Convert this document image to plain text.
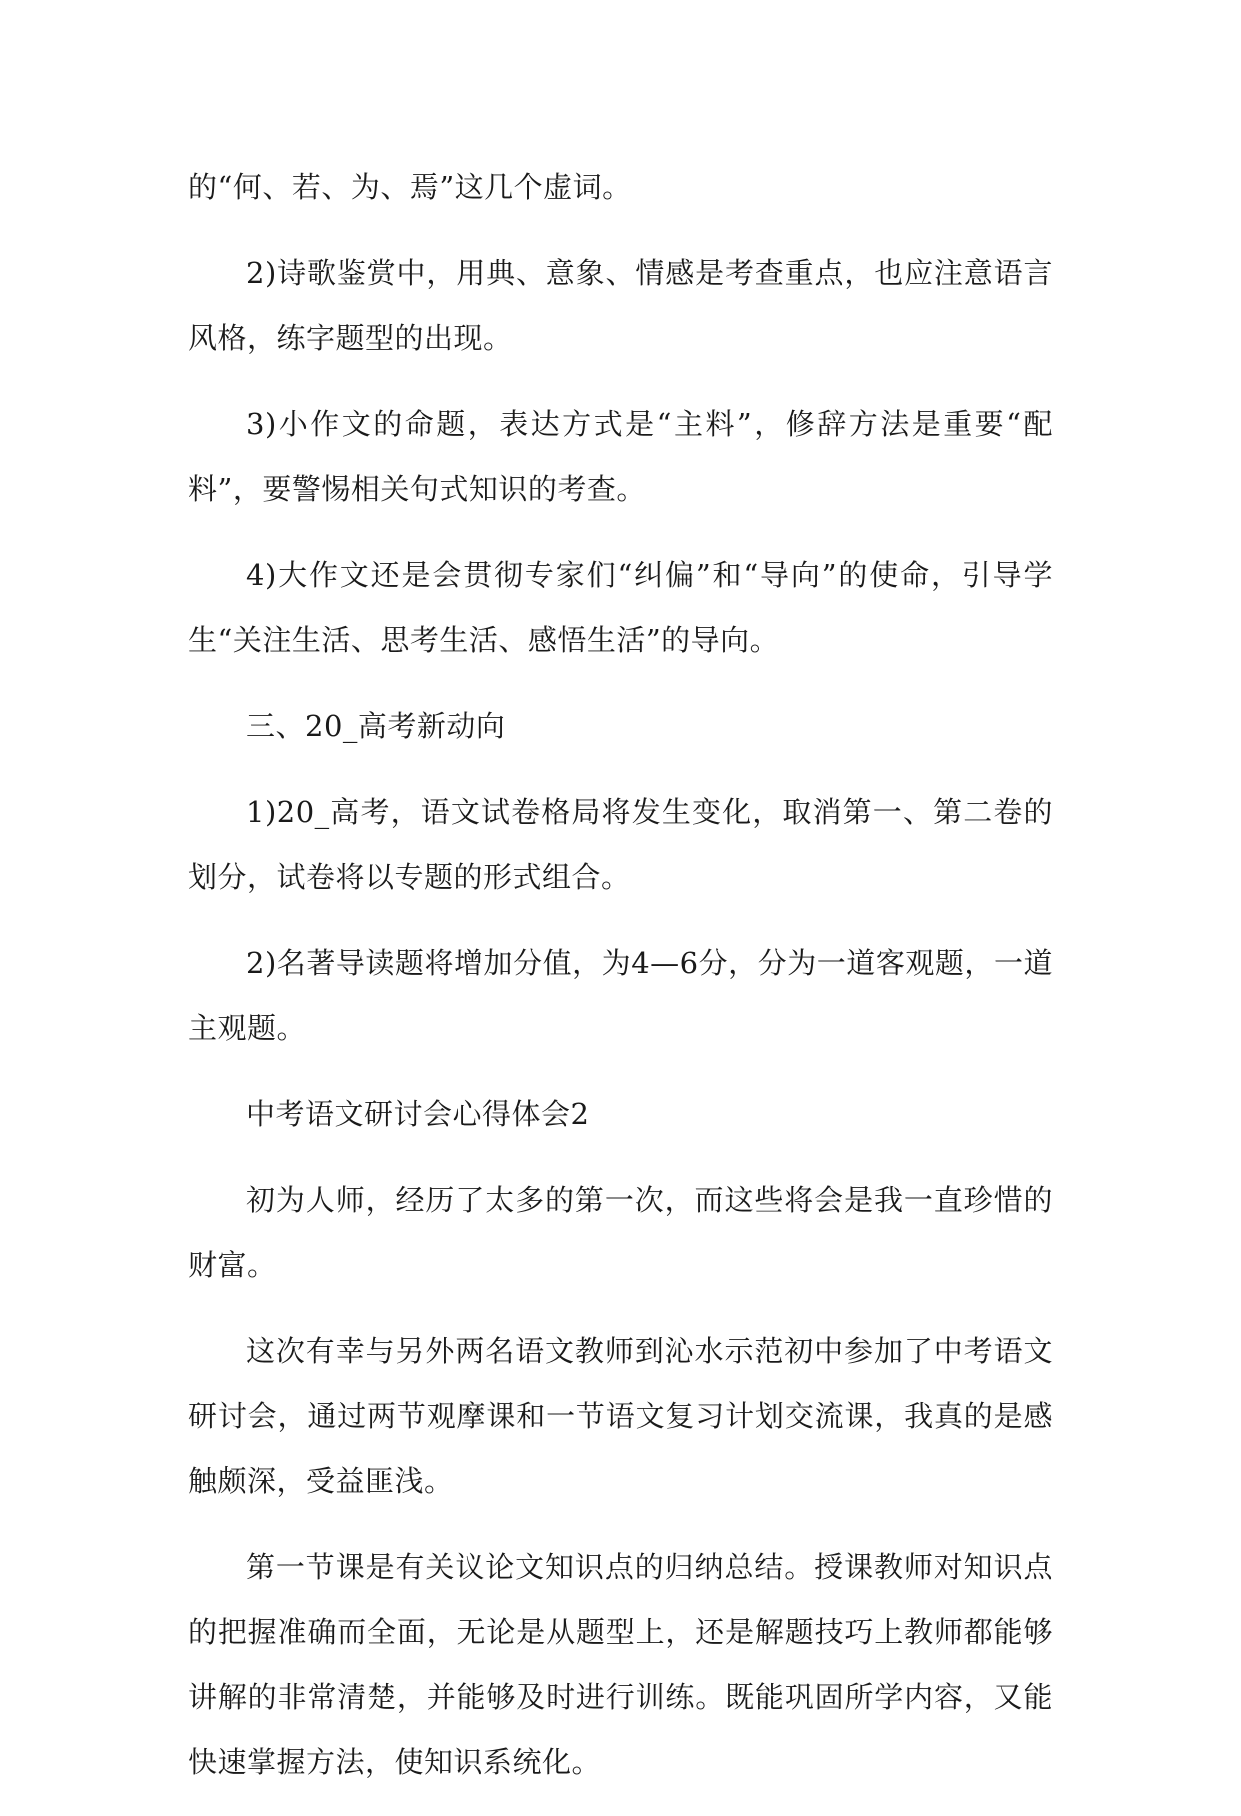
的“何、若、为、焉”这几个虚词。

2)诗歌鉴赏中，用典、意象、情感是考查重点，也应注意语言风格，练字题型的出现。

3)小作文的命题，表达方式是“主料”，修辞方法是重要“配料”，要警惕相关句式知识的考查。

4)大作文还是会贯彻专家们“纠偏”和“导向”的使命，引导学生“关注生活、思考生活、感悟生活”的导向。

三、20_高考新动向

1)20_高考，语文试卷格局将发生变化，取消第一、第二卷的划分，试卷将以专题的形式组合。

2)名著导读题将增加分值，为4—6分，分为一道客观题，一道主观题。

中考语文研讨会心得体会2

初为人师，经历了太多的第一次，而这些将会是我一直珍惜的财富。

这次有幸与另外两名语文教师到沁水示范初中参加了中考语文研讨会，通过两节观摩课和一节语文复习计划交流课，我真的是感触颇深，受益匪浅。

第一节课是有关议论文知识点的归纳总结。授课教师对知识点的把握准确而全面，无论是从题型上，还是解题技巧上教师都能够讲解的非常清楚，并能够及时进行训练。既能巩固所学内容，又能快速掌握方法，使知识系统化。
